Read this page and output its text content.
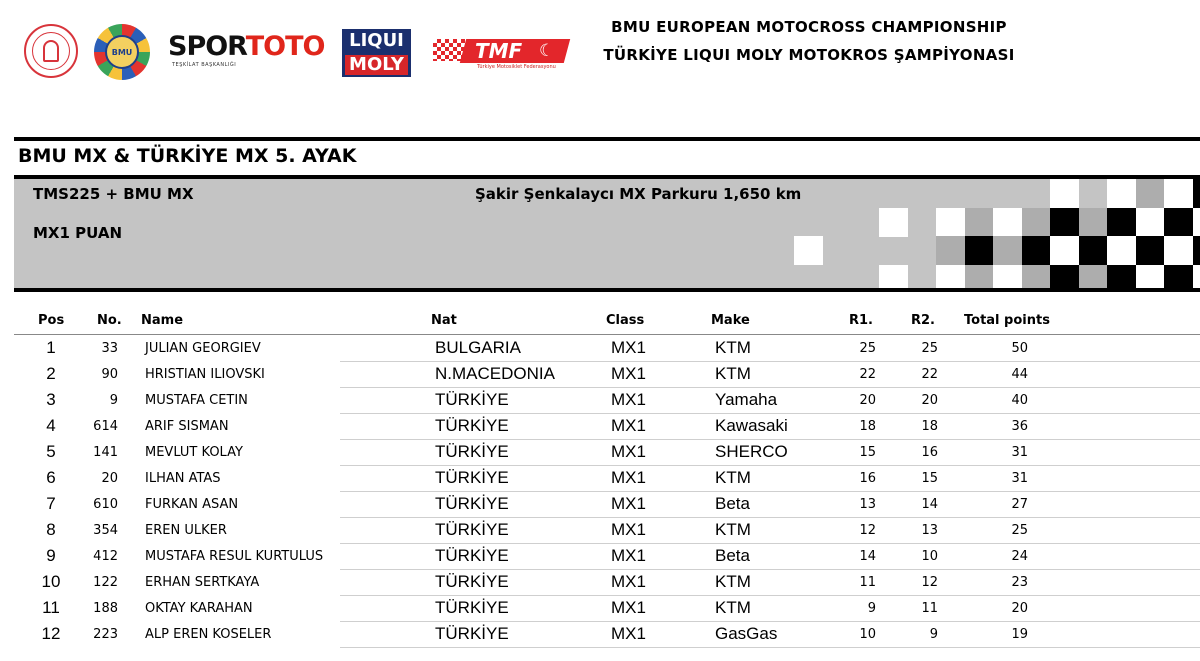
BMU SPORTOTO
TEŞKİLAT BAŞKANLIĞI
LIQUI
MOLY
TMF ☾
Türkiye Motosiklet Federasyonu
BMU EUROPEAN MOTOCROSS CHAMPIONSHIP
TÜRKİYE LIQUI MOLY MOTOKROS ŞAMPİYONASI
BMU MX & TÜRKİYE MX 5. AYAK
TMS225 + BMU MX
MX1 PUAN
Şakir Şenkalaycı MX Parkuru 1,650 km
Pos	No. Name	Nat	Class	Make	R1.	R2. Total points
1	33 JULIAN GEORGIEV	BULGARIA	MX1	KTM	25	25	50
2	90 HRISTIAN ILIOVSKI	N.MACEDONIA	MX1	KTM	22	22	44
3	9 MUSTAFA CETIN	TÜRKİYE	MX1	Yamaha	20	20	40
4	614 ARIF SISMAN	TÜRKİYE	MX1	Kawasaki	18	18	36
5	141 MEVLUT KOLAY	TÜRKİYE	MX1	SHERCO	15	16	31
6	20 ILHAN ATAS	TÜRKİYE	MX1	KTM	16	15	31
7	610 FURKAN ASAN	TÜRKİYE	MX1	Beta	13	14	27
8	354 EREN ULKER	TÜRKİYE	MX1	KTM	12	13	25
9	412 MUSTAFA RESUL KURTULUS	TÜRKİYE	MX1	Beta	14	10	24
10	122 ERHAN SERTKAYA	TÜRKİYE	MX1	KTM	11	12	23
11	188 OKTAY KARAHAN	TÜRKİYE	MX1	KTM	9	11	20
12	223 ALP EREN KOSELER	TÜRKİYE	MX1	GasGas	10	9	19
